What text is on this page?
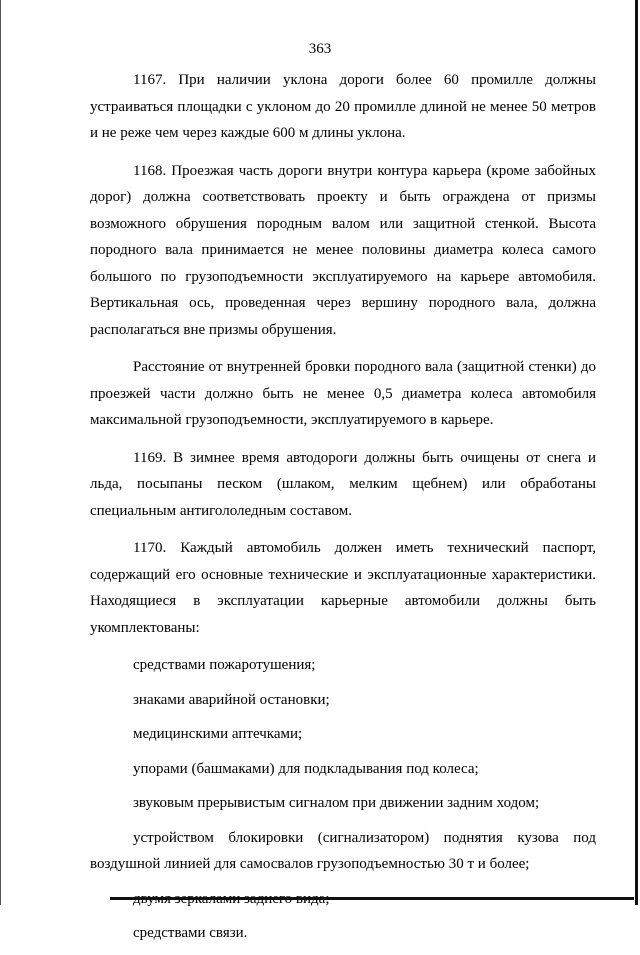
363

1167. При наличии уклона дороги более 60 промилле должны устраиваться площадки с уклоном до 20 промилле длиной не менее 50 метров и не реже чем через каждые 600 м длины уклона.

1168. Проезжая часть дороги внутри контура карьера (кроме забойных дорог) должна соответствовать проекту и быть ограждена от призмы возможного обрушения породным валом или защитной стенкой. Высота породного вала принимается не менее половины диаметра колеса самого большого по грузоподъемности эксплуатируемого на карьере автомобиля. Вертикальная ось, проведенная через вершину породного вала, должна располагаться вне призмы обрушения.

Расстояние от внутренней бровки породного вала (защитной стенки) до проезжей части должно быть не менее 0,5 диаметра колеса автомобиля максимальной грузоподъемности, эксплуатируемого в карьере.

1169. В зимнее время автодороги должны быть очищены от снега и льда, посыпаны песком (шлаком, мелким щебнем) или обработаны специальным антигололедным составом.

1170. Каждый автомобиль должен иметь технический паспорт, содержащий его основные технические и эксплуатационные характеристики. Находящиеся в эксплуатации карьерные автомобили должны быть укомплектованы:

средствами пожаротушения;
знаками аварийной остановки;
медицинскими аптечками;
упорами (башмаками) для подкладывания под колеса;
звуковым прерывистым сигналом при движении задним ходом;
устройством блокировки (сигнализатором) поднятия кузова под воздушной линией для самосвалов грузоподъемностью 30 т и более;
средствами связи.
